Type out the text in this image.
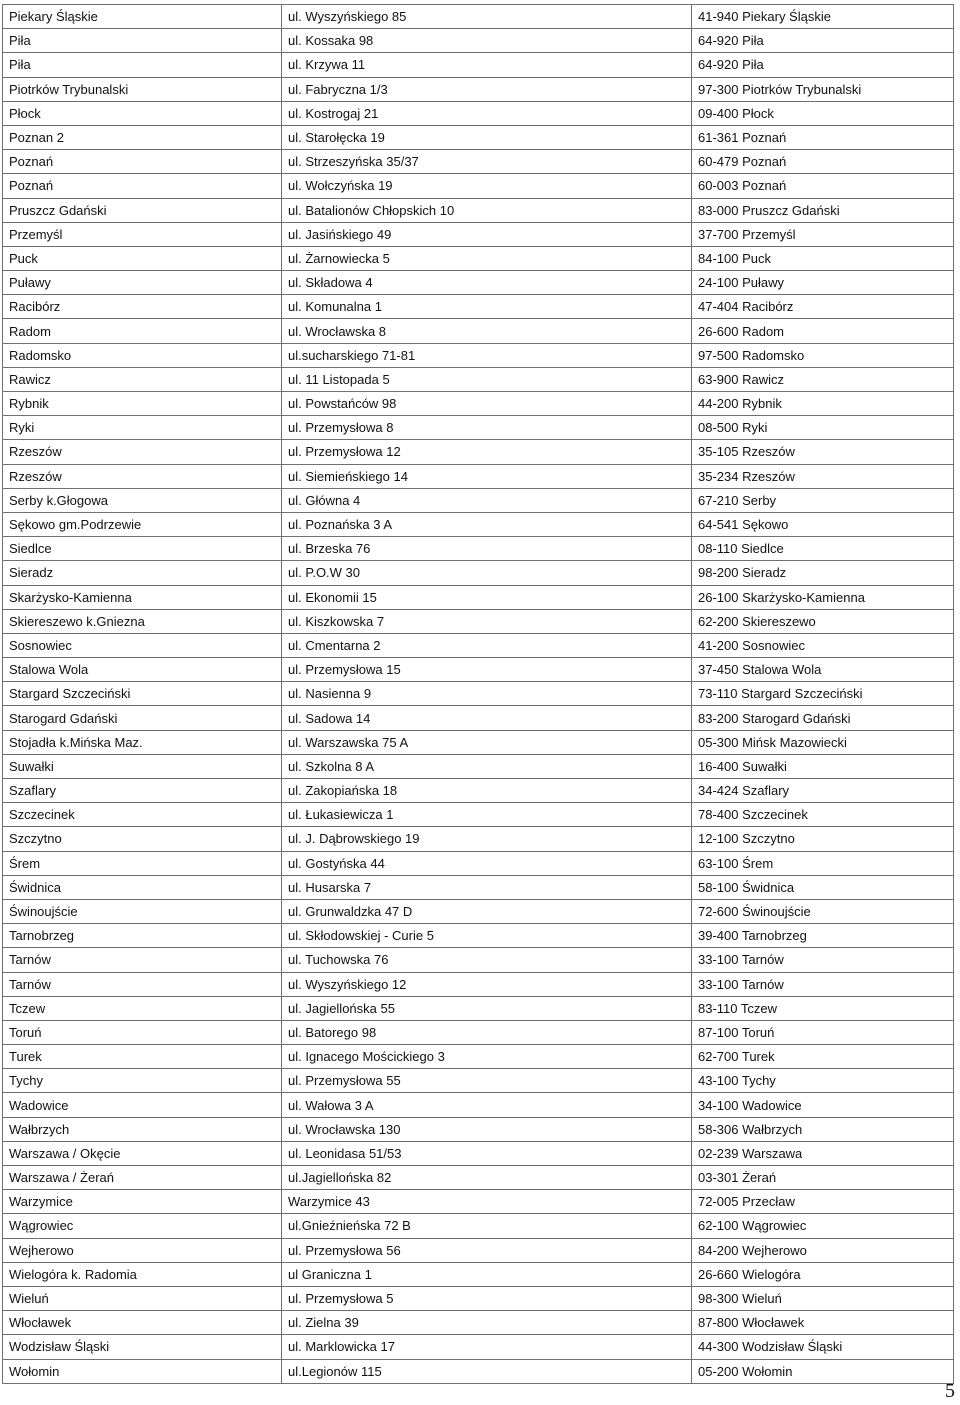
Piekary Śląskie	ul. Wyszyńskiego 85	41-940 Piekary Śląskie
Piła	ul. Kossaka 98	64-920 Piła
Piła	ul. Krzywa 11	64-920 Piła
Piotrków Trybunalski	ul. Fabryczna 1/3	97-300 Piotrków Trybunalski
Płock	ul. Kostrogaj 21	09-400 Płock
Poznan 2	ul. Starołęcka 19	61-361 Poznań
Poznań	ul. Strzeszyńska 35/37	60-479 Poznań
Poznań	ul. Wołczyńska 19	60-003 Poznań
Pruszcz Gdański	ul. Batalionów Chłopskich 10	83-000 Pruszcz Gdański
Przemyśl	ul. Jasińskiego 49	37-700 Przemyśl
Puck	ul. Żarnowiecka 5	84-100 Puck
Puławy	ul. Składowa 4	24-100 Puławy
Racibórz	ul. Komunalna 1	47-404 Racibórz
Radom	ul. Wrocławska 8	26-600 Radom
Radomsko	ul.sucharskiego 71-81	97-500 Radomsko
Rawicz	ul. 11 Listopada 5	63-900 Rawicz
Rybnik	ul. Powstańców 98	44-200 Rybnik
Ryki	ul. Przemysłowa 8	08-500 Ryki
Rzeszów	ul. Przemysłowa 12	35-105 Rzeszów
Rzeszów	ul. Siemieńskiego 14	35-234 Rzeszów
Serby k.Głogowa	ul. Główna 4	67-210 Serby
Sękowo gm.Podrzewie	ul. Poznańska 3 A	64-541 Sękowo
Siedlce	ul. Brzeska 76	08-110 Siedlce
Sieradz	ul. P.O.W 30	98-200 Sieradz
Skarżysko-Kamienna	ul. Ekonomii 15	26-100 Skarżysko-Kamienna
Skiereszewo k.Gniezna	ul. Kiszkowska 7	62-200 Skiereszewo
Sosnowiec	ul. Cmentarna 2	41-200 Sosnowiec
Stalowa Wola	ul. Przemysłowa 15	37-450 Stalowa Wola
Stargard Szczeciński	ul. Nasienna 9	73-110 Stargard Szczeciński
Starogard Gdański	ul. Sadowa 14	83-200 Starogard Gdański
Stojadła k.Mińska Maz.	ul. Warszawska 75 A	05-300 Mińsk Mazowiecki
Suwałki	ul. Szkolna 8 A	16-400 Suwałki
Szaflary	ul. Zakopiańska 18	34-424 Szaflary
Szczecinek	ul. Łukasiewicza 1	78-400 Szczecinek
Szczytno	ul. J. Dąbrowskiego 19	12-100 Szczytno
Śrem	ul. Gostyńska 44	63-100 Śrem
Świdnica	ul. Husarska 7	58-100 Świdnica
Świnoujście	ul. Grunwaldzka 47 D	72-600 Świnoujście
Tarnobrzeg	ul. Skłodowskiej - Curie 5	39-400 Tarnobrzeg
Tarnów	ul. Tuchowska 76	33-100 Tarnów
Tarnów	ul. Wyszyńskiego 12	33-100 Tarnów
Tczew	ul. Jagiellońska 55	83-110 Tczew
Toruń	ul. Batorego 98	87-100 Toruń
Turek	ul. Ignacego Mościckiego 3	62-700 Turek
Tychy	ul. Przemysłowa 55	43-100 Tychy
Wadowice	ul. Wałowa 3 A	34-100 Wadowice
Wałbrzych	ul. Wrocławska 130	58-306 Wałbrzych
Warszawa / Okęcie	ul. Leonidasa 51/53	02-239 Warszawa
Warszawa / Żerań	ul.Jagiellońska 82	03-301 Żerań
Warzymice	Warzymice 43	72-005 Przecław
Wągrowiec	ul.Gnieźnieńska 72 B	62-100 Wągrowiec
Wejherowo	ul. Przemysłowa 56	84-200 Wejherowo
Wielogóra k. Radomia	ul Graniczna 1	26-660 Wielogóra
Wieluń	ul. Przemysłowa 5	98-300 Wieluń
Włocławek	ul. Zielna 39	87-800 Włocławek
Wodzisław Śląski	ul. Marklowicka 17	44-300 Wodzisław Śląski
Wołomin	ul.Legionów 115	05-200 Wołomin
5
